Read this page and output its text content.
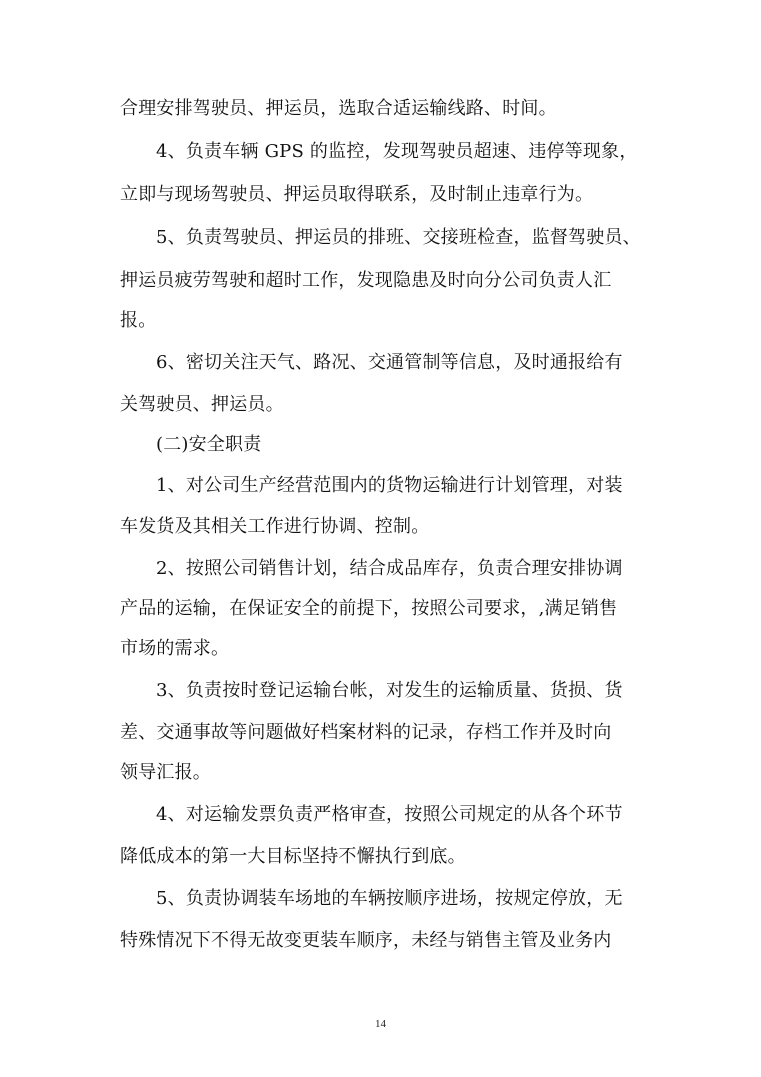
合理安排驾驶员、押运员，选取合适运输线路、时间。
4、负责车辆 GPS 的监控，发现驾驶员超速、违停等现象，
立即与现场驾驶员、押运员取得联系，及时制止违章行为。
5、负责驾驶员、押运员的排班、交接班检查，监督驾驶员、
押运员疲劳驾驶和超时工作，发现隐患及时向分公司负责人汇
报。
6、密切关注天气、路况、交通管制等信息，及时通报给有
关驾驶员、押运员。
(二)安全职责
1、对公司生产经营范围内的货物运输进行计划管理，对装
车发货及其相关工作进行协调、控制。
2、按照公司销售计划，结合成品库存，负责合理安排协调
产品的运输，在保证安全的前提下，按照公司要求，,满足销售
市场的需求。
3、负责按时登记运输台帐，对发生的运输质量、货损、货
差、交通事故等问题做好档案材料的记录，存档工作并及时向
领导汇报。
4、对运输发票负责严格审查，按照公司规定的从各个环节
降低成本的第一大目标坚持不懈执行到底。
5、负责协调装车场地的车辆按顺序进场，按规定停放，无
特殊情况下不得无故变更装车顺序，未经与销售主管及业务内
14
